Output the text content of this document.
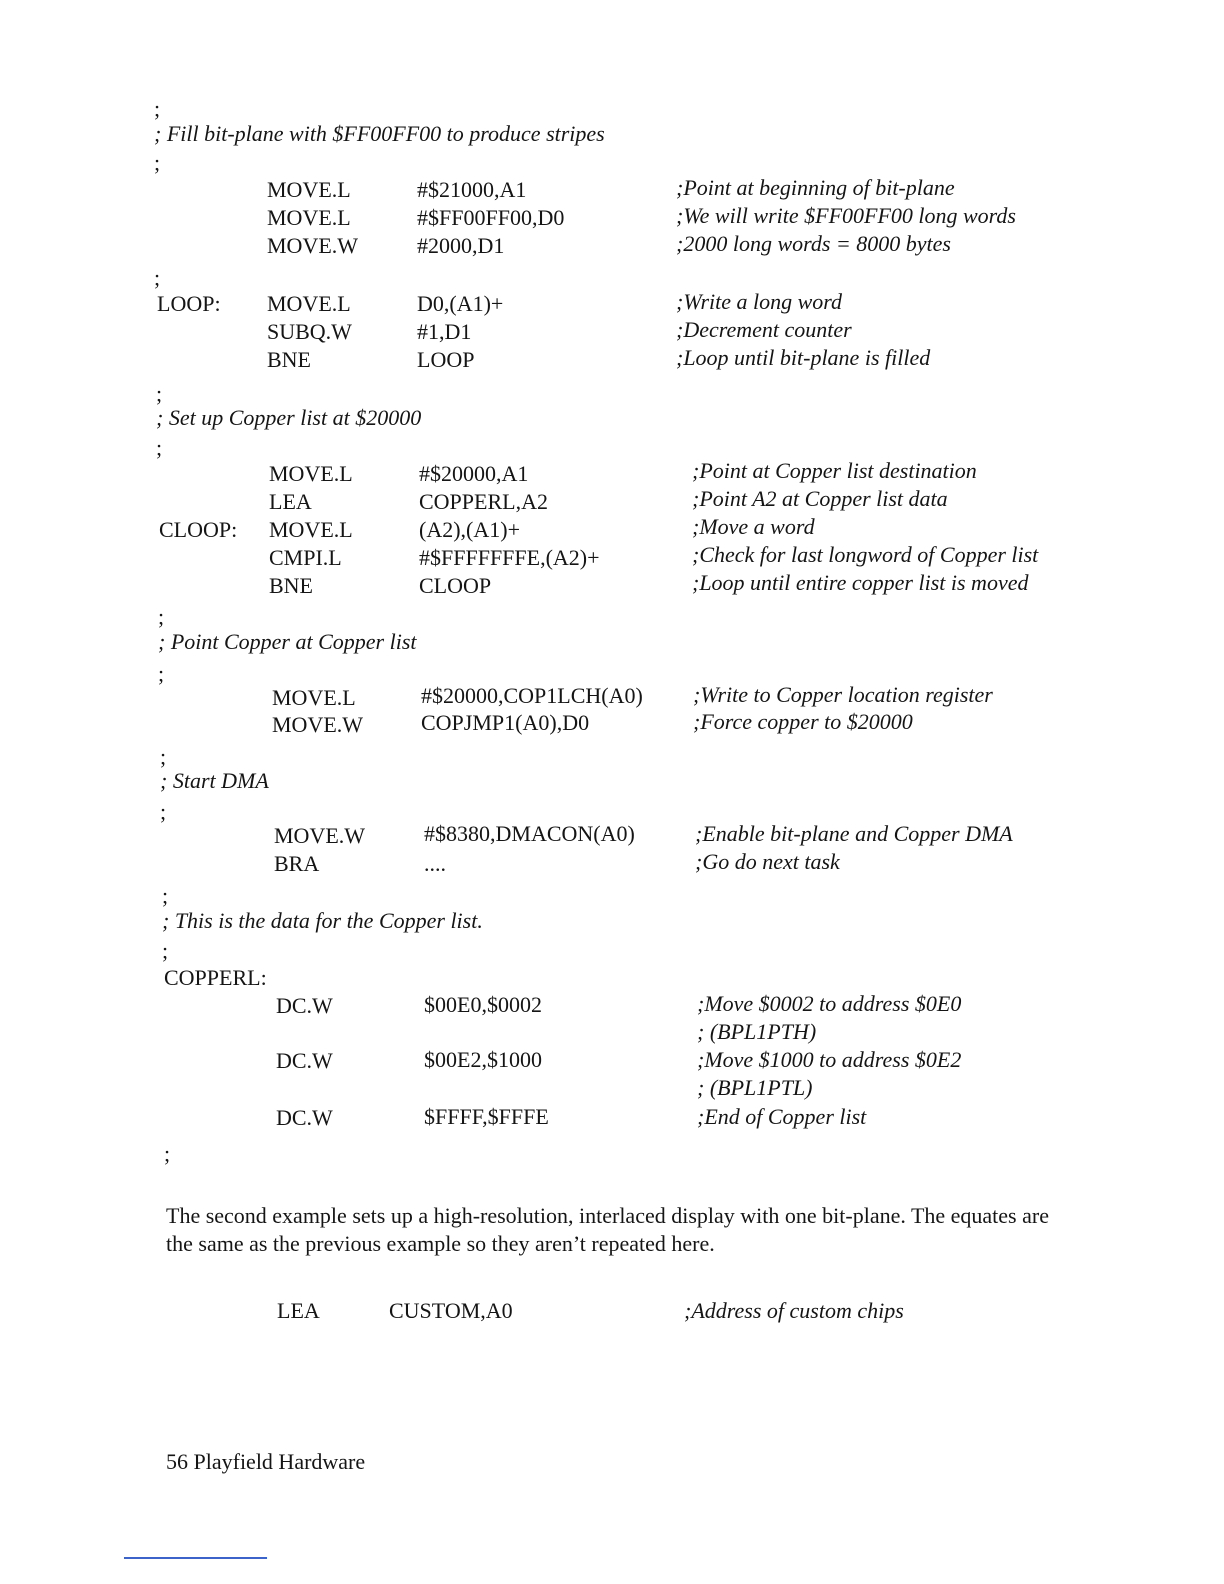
;
; Fill bit-plane with $FF00FF00 to produce stripes
;
MOVE.L	#$21000,A1	;Point at beginning of bit-plane
MOVE.L	#$FF00FF00,D0	;We will write $FF00FF00 long words
MOVE.W	#2000,D1	;2000 long words = 8000 bytes
;
LOOP: MOVE.L	D0,(A1)+	;Write a long word
SUBQ.W	#1,D1	;Decrement counter
BNE	LOOP	;Loop until bit-plane is filled
;
; Set up Copper list at $20000
;
MOVE.L	#$20000,A1	;Point at Copper list destination
LEA	COPPERL,A2	;Point A2 at Copper list data
CLOOP: MOVE.L	(A2),(A1)+	;Move a word
CMPI.L	#$FFFFFFFE,(A2)+	;Check for last longword of Copper list
BNE	CLOOP	;Loop until entire copper list is moved
;
; Point Copper at Copper list
;
MOVE.L	#$20000,COP1LCH(A0) ;Write to Copper location register
MOVE.W	COPJMP1(A0),D0	;Force copper to $20000
;
; Start DMA
;
MOVE.W	#$8380,DMACON(A0)	;Enable bit-plane and Copper DMA
BRA	....	;Go do next task
;
; This is the data for the Copper list.
;
COPPERL:
DC.W	$00E0,$0002	;Move $0002 to address $0E0
; (BPL1PTH)
DC.W	$00E2,$1000	;Move $1000 to address $0E2
; (BPL1PTL)
DC.W	$FFFF,$FFFE	;End of Copper list
;
The second example sets up a high-resolution, interlaced display with one bit-plane. The equates are the same as the previous example so they aren’t repeated here.
LEA	CUSTOM,A0	;Address of custom chips
56 Playfield Hardware
